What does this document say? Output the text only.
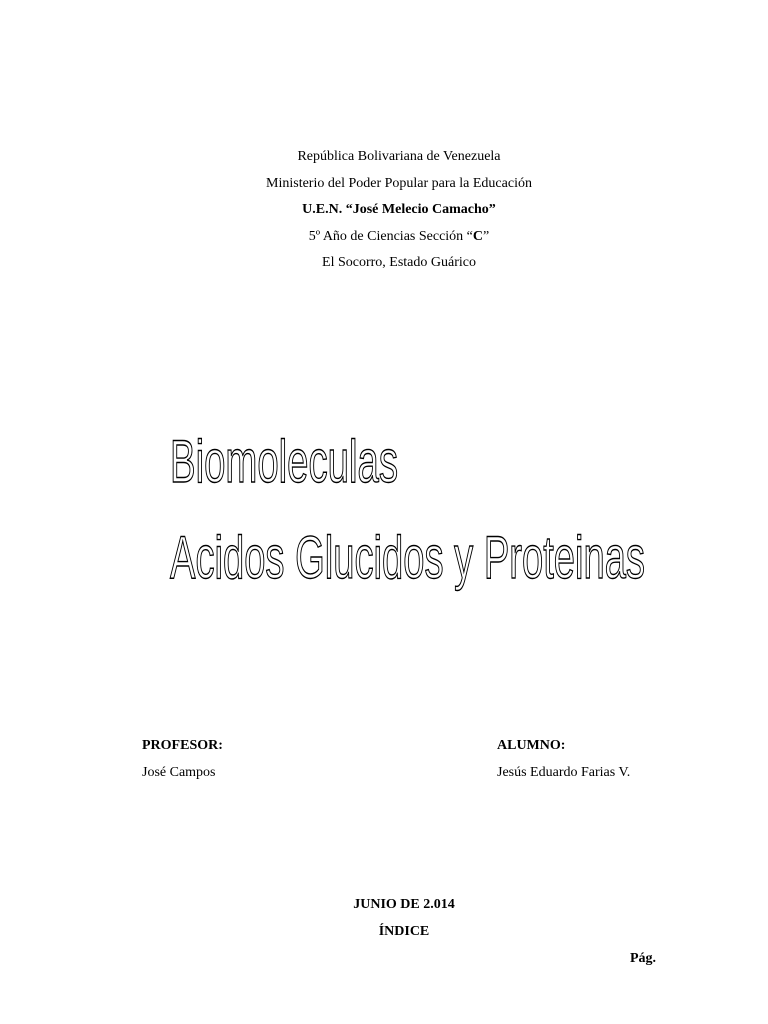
República Bolivariana de Venezuela
Ministerio del Poder Popular para la Educación
U.E.N. “José Melecio Camacho”
5º Año de Ciencias Sección “C”
El Socorro, Estado Guárico
Biomoleculas
Acidos Glucidos y Proteinas
PROFESOR:
José Campos
ALUMNO:
Jesús Eduardo Farias V.
JUNIO DE 2.014
ÍNDICE
Pág.
